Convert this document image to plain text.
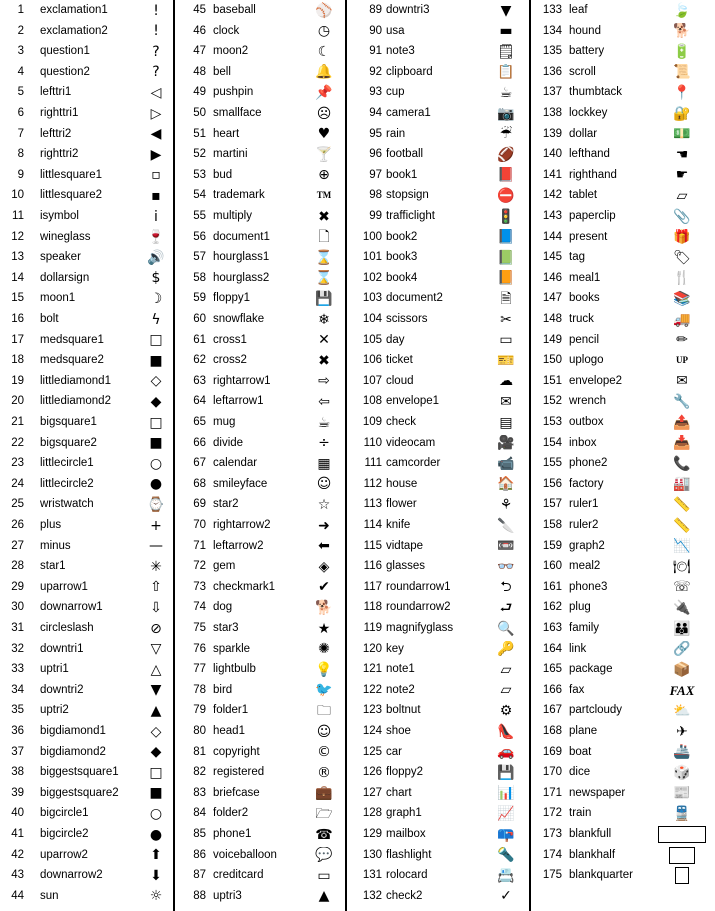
1 exclamation1	!
2 exclamation2	!
3 question1	?
4 question2	?
5 lefttri1	◁
6 righttri1	▷
7 lefttri2	◀
8 righttri2	▶
9 littlesquare1	▫
10 littlesquare2	▪
11 isymbol	i
12 wineglass	🍷
13 speaker	🔊
14 dollarsign	$
15 moon1	☽
16 bolt	ϟ
17 medsquare1	□
18 medsquare2	■
19 littlediamond1	◇
20 littlediamond2	◆
21 bigsquare1	□
22 bigsquare2	■
23 littlecircle1	○
24 littlecircle2	●
25 wristwatch	⌚
26 plus	+
27 minus	—
28 star1	✳
29 uparrow1	⇧
30 downarrow1	⇩
31 circleslash	⊘
32 downtri1	▽
33 uptri1	△
34 downtri2	▼
35 uptri2	▲
36 bigdiamond1	◇
37 bigdiamond2	◆
38 biggestsquare1	□
39 biggestsquare2	■
40 bigcircle1	○
41 bigcircle2	●
42 uparrow2	⬆
43 downarrow2	⬇
44 sun	☼
45 baseball	⚾
46 clock	◷
47 moon2	☾
48 bell	🔔
49 pushpin	📌
50 smallface	☹
51 heart	♥
52 martini	🍸
53 bud	⊕
54 trademark	TM
55 multiply	✖
56 document1	🗋
57 hourglass1	⌛
58 hourglass2	⌛
59 floppy1	💾
60 snowflake	❄
61 cross1	✕
62 cross2	✖
63 rightarrow1	⇨
64 leftarrow1	⇦
65 mug	☕
66 divide	÷
67 calendar	▦
68 smileyface	☺
69 star2	☆
70 rightarrow2	➜
71 leftarrow2	⬅
72 gem	◈
73 checkmark1	✔
74 dog	🐕
75 star3	★
76 sparkle	✺
77 lightbulb	💡
78 bird	🐦
79 folder1	🗀
80 head1	☺
81 copyright	©
82 registered	®
83 briefcase	💼
84 folder2	🗁
85 phone1	☎
86 voiceballoon	💬
87 creditcard	▭
88 uptri3	▲
89 downtri3	▼
90 usa	▬
91 note3	🗒
92 clipboard	📋
93 cup	☕
94 camera1	📷
95 rain	☔
96 football	🏈
97 book1	📕
98 stopsign	⛔
99 trafficlight	🚦
100 book2	📘
101 book3	📗
102 book4	📙
103 document2	🗎
104 scissors	✂
105 day	▭
106 ticket	🎫
107 cloud	☁
108 envelope1	✉
109 check	▤
110 videocam	🎥
111 camcorder	📹
112 house	🏠
113 flower	⚘
114 knife	🔪
115 vidtape	📼
116 glasses	👓
117 roundarrow1	⮌
118 roundarrow2	⮐
119 magnifyglass	🔍
120 key	🔑
121 note1	▱
122 note2	▱
123 boltnut	⚙
124 shoe	👠
125 car	🚗
126 floppy2	💾
127 chart	📊
128 graph1	📈
129 mailbox	📪
130 flashlight	🔦
131 rolocard	📇
132 check2	✓
133 leaf	🍃
134 hound	🐕
135 battery	🔋
136 scroll	📜
137 thumbtack	📍
138 lockkey	🔐
139 dollar	💵
140 lefthand	☚
141 righthand	☛
142 tablet	▱
143 paperclip	📎
144 present	🎁
145 tag	🏷
146 meal1	🍴
147 books	📚
148 truck	🚚
149 pencil	✏
150 uplogo	UP
151 envelope2	✉
152 wrench	🔧
153 outbox	📤
154 inbox	📥
155 phone2	📞
156 factory	🏭
157 ruler1	📏
158 ruler2	📏
159 graph2	📉
160 meal2	🍽
161 phone3	☏
162 plug	🔌
163 family	👪
164 link	🔗
165 package	📦
166 fax	FAX
167 partcloudy	⛅
168 plane	✈
169 boat	🚢
170 dice	🎲
171 newspaper	📰
172 train	🚆
173 blankfull
174 blankhalf
175 blankquarter
